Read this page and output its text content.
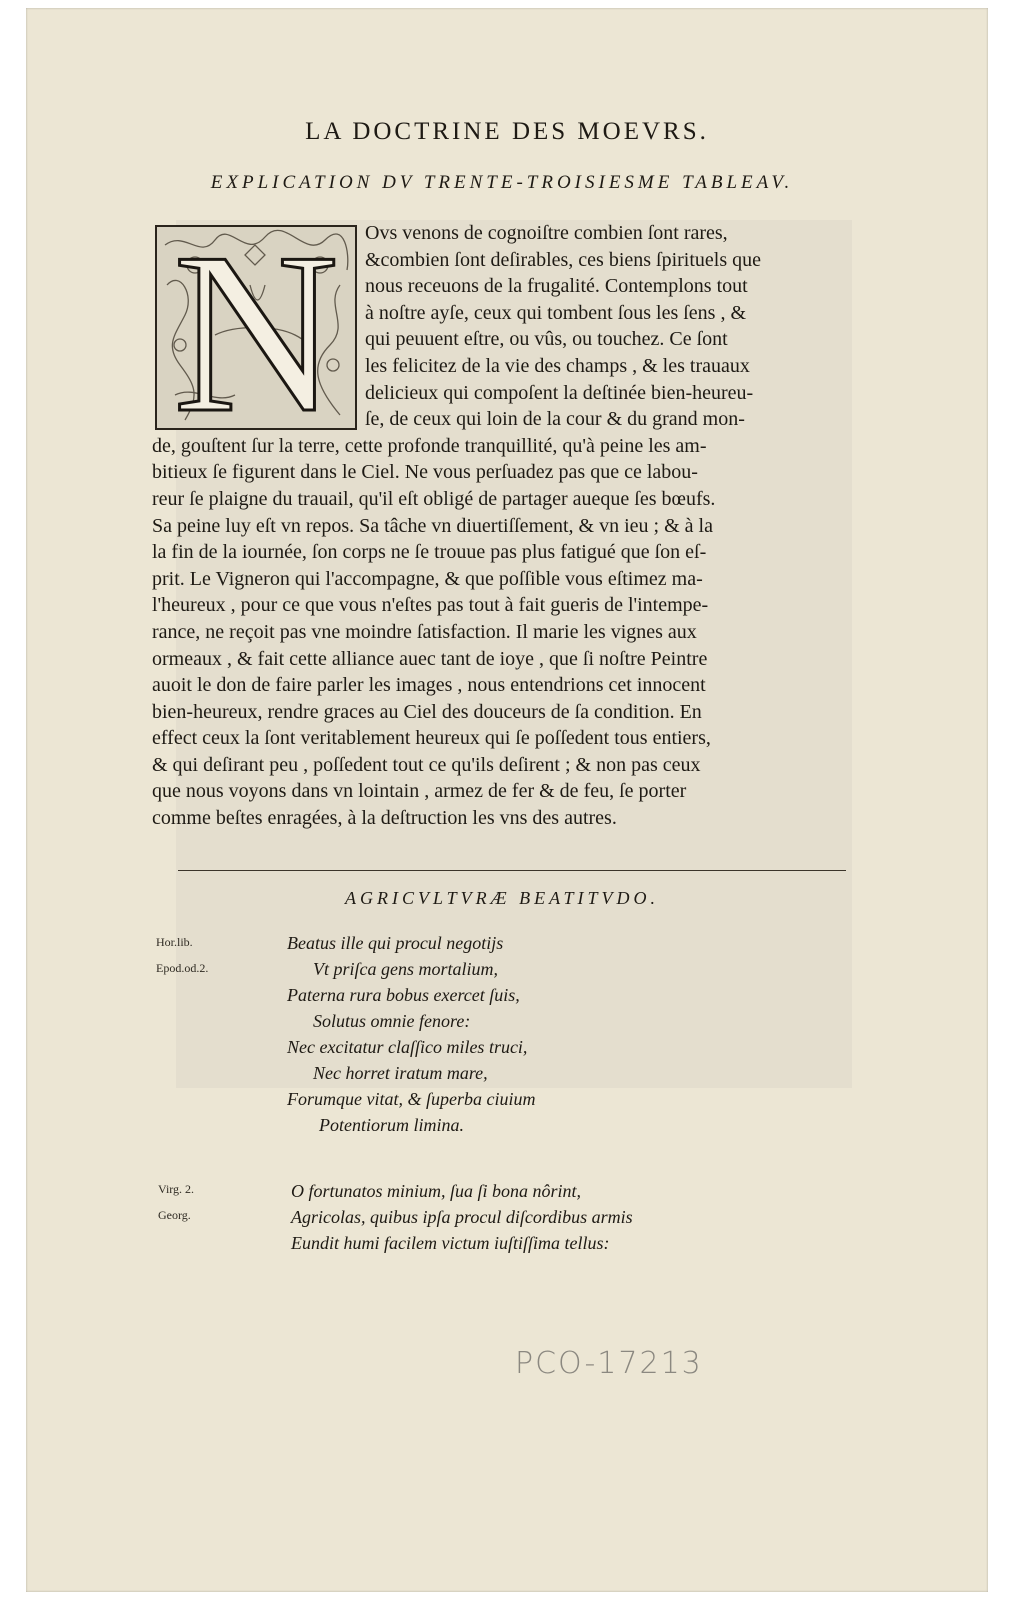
LA DOCTRINE DES MOEVRS.
EXPLICATION DV TRENTE-TROISIESME TABLEAV.
N	Ovs venons de cognoiſtre combien ſont rares,
&combien ſont deſirables, ces biens ſpirituels que
nous receuons de la frugalité. Contemplons tout
à noſtre ayſe, ceux qui tombent ſous les ſens , &
qui peuuent eſtre, ou vûs, ou touchez. Ce ſont
les felicitez de la vie des champs , & les trauaux
delicieux qui compoſent la deſtinée bien-heureu-
ſe, de ceux qui loin de la cour & du grand mon-
de, gouſtent ſur la terre, cette profonde tranquillité, qu'à peine les am-
bitieux ſe figurent dans le Ciel. Ne vous perſuadez pas que ce labou-
reur ſe plaigne du trauail, qu'il eſt obligé de partager aueque ſes bœufs.
Sa peine luy eſt vn repos. Sa tâche vn diuertiſſement, & vn ieu ; & à la
la fin de la iournée, ſon corps ne ſe trouue pas plus fatigué que ſon eſ-
prit. Le Vigneron qui l'accompagne, & que poſſible vous eſtimez ma-
l'heureux , pour ce que vous n'eſtes pas tout à fait gueris de l'intempe-
rance, ne reçoit pas vne moindre ſatisfaction. Il marie les vignes aux
ormeaux , & fait cette alliance auec tant de ioye , que ſi noſtre Peintre
auoit le don de faire parler les images , nous entendrions cet innocent
bien-heureux, rendre graces au Ciel des douceurs de ſa condition. En
effect ceux la ſont veritablement heureux qui ſe poſſedent tous entiers,
& qui deſirant peu , poſſedent tout ce qu'ils deſirent ; & non pas ceux
que nous voyons dans vn lointain , armez de fer & de feu, ſe porter
comme beſtes enragées, à la deſtruction les vns des autres.
AGRICVLTVRÆ BEATITVDO.
Hor.lib.
Epod.od.2.
Beatus ille qui procul negotijs
Vt priſca gens mortalium,
Paterna rura bobus exercet ſuis,
Solutus omnie fenore:
Nec excitatur claſſico miles truci,
Nec horret iratum mare,
Forumque vitat, & ſuperba ciuium
Potentiorum limina.
Virg. 2.
Georg.
O fortunatos minium, ſua ſi bona nôrint,
Agricolas, quibus ipſa procul diſcordibus armis
Eundit humi facilem victum iuſtiſſima tellus:
PCO-17213
